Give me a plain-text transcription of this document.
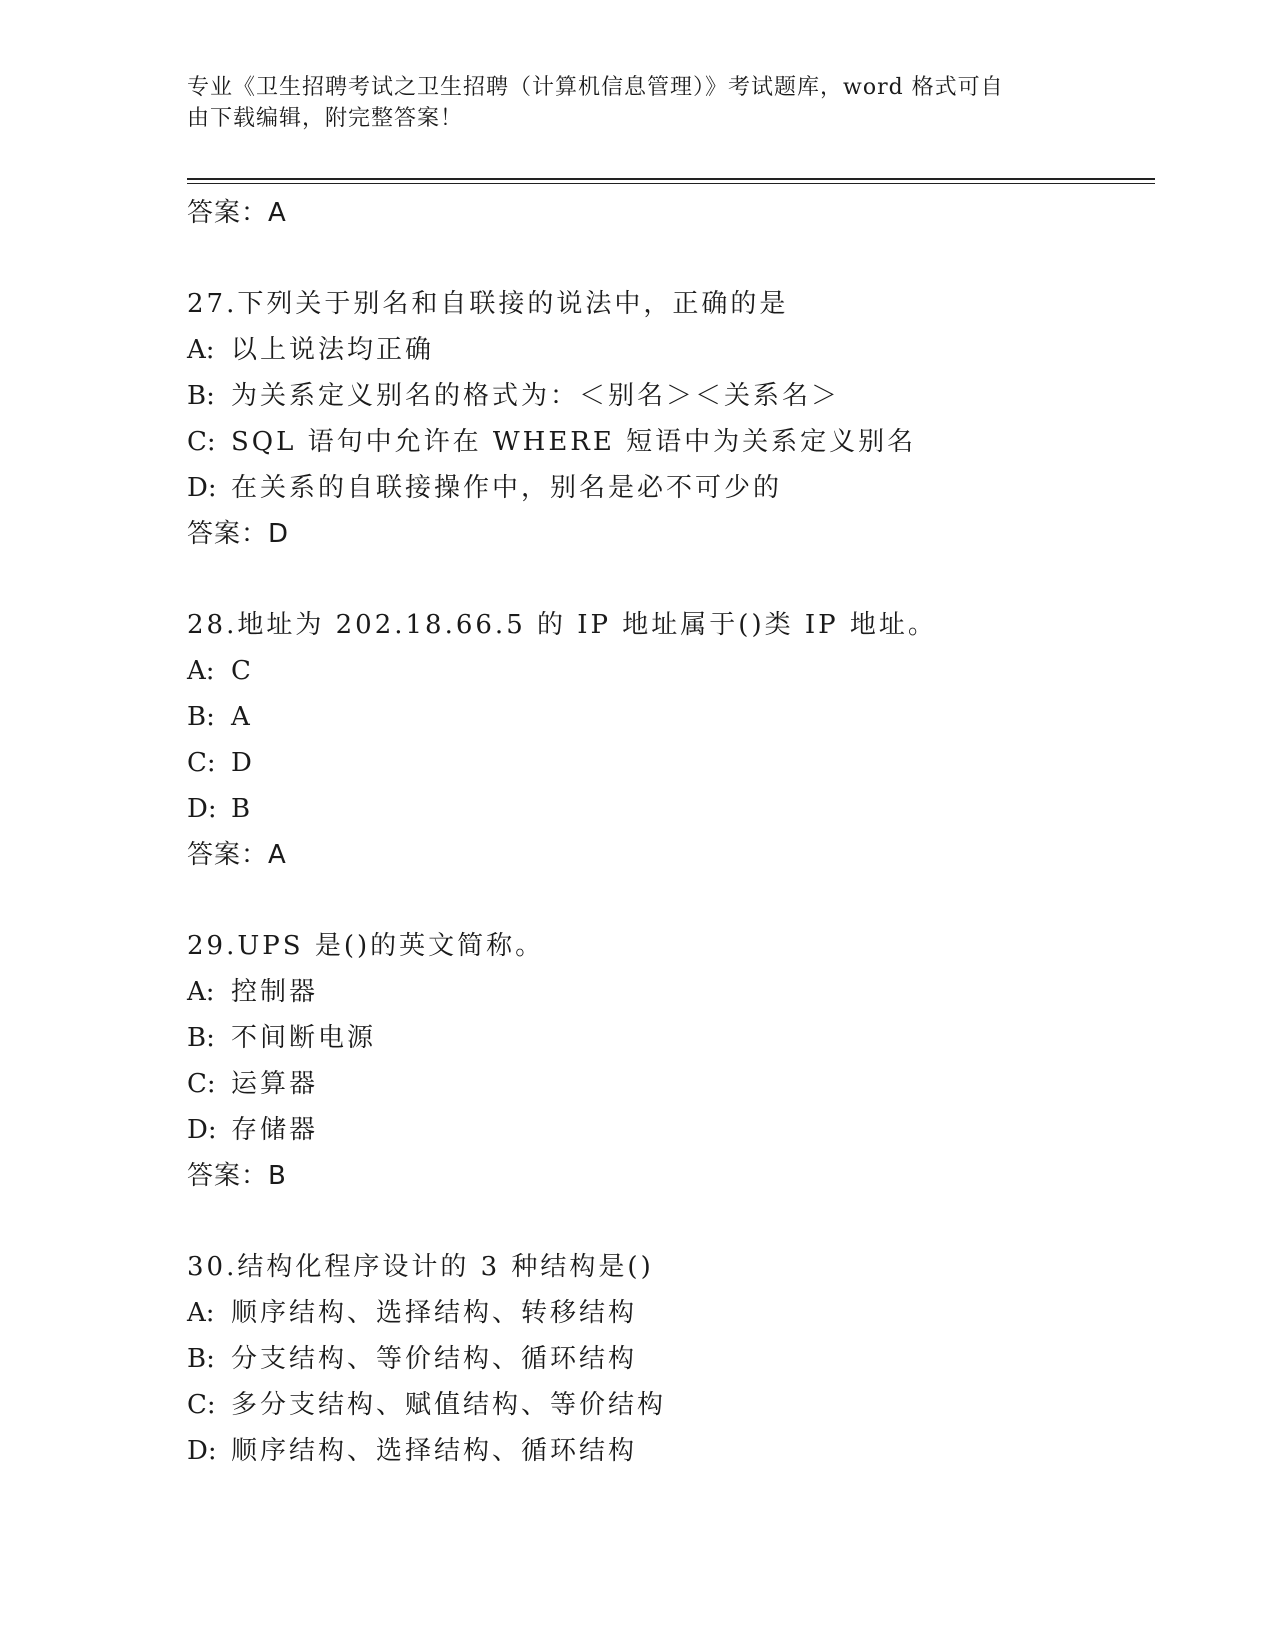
专业《卫生招聘考试之卫生招聘（计算机信息管理）》考试题库，word 格式可自
由下载编辑，附完整答案！
答案：A
27.下列关于别名和自联接的说法中，正确的是
A: 以上说法均正确
B: 为关系定义别名的格式为：＜别名＞＜关系名＞
C: SQL 语句中允许在 WHERE 短语中为关系定义别名
D: 在关系的自联接操作中，别名是必不可少的
答案：D
28.地址为 202.18.66.5 的 IP 地址属于()类 IP 地址。
A: C
B: A
C: D
D: B
答案：A
29.UPS 是()的英文简称。
A: 控制器
B: 不间断电源
C: 运算器
D: 存储器
答案：B
30.结构化程序设计的 3 种结构是()
A: 顺序结构、选择结构、转移结构
B: 分支结构、等价结构、循环结构
C: 多分支结构、赋值结构、等价结构
D: 顺序结构、选择结构、循环结构
